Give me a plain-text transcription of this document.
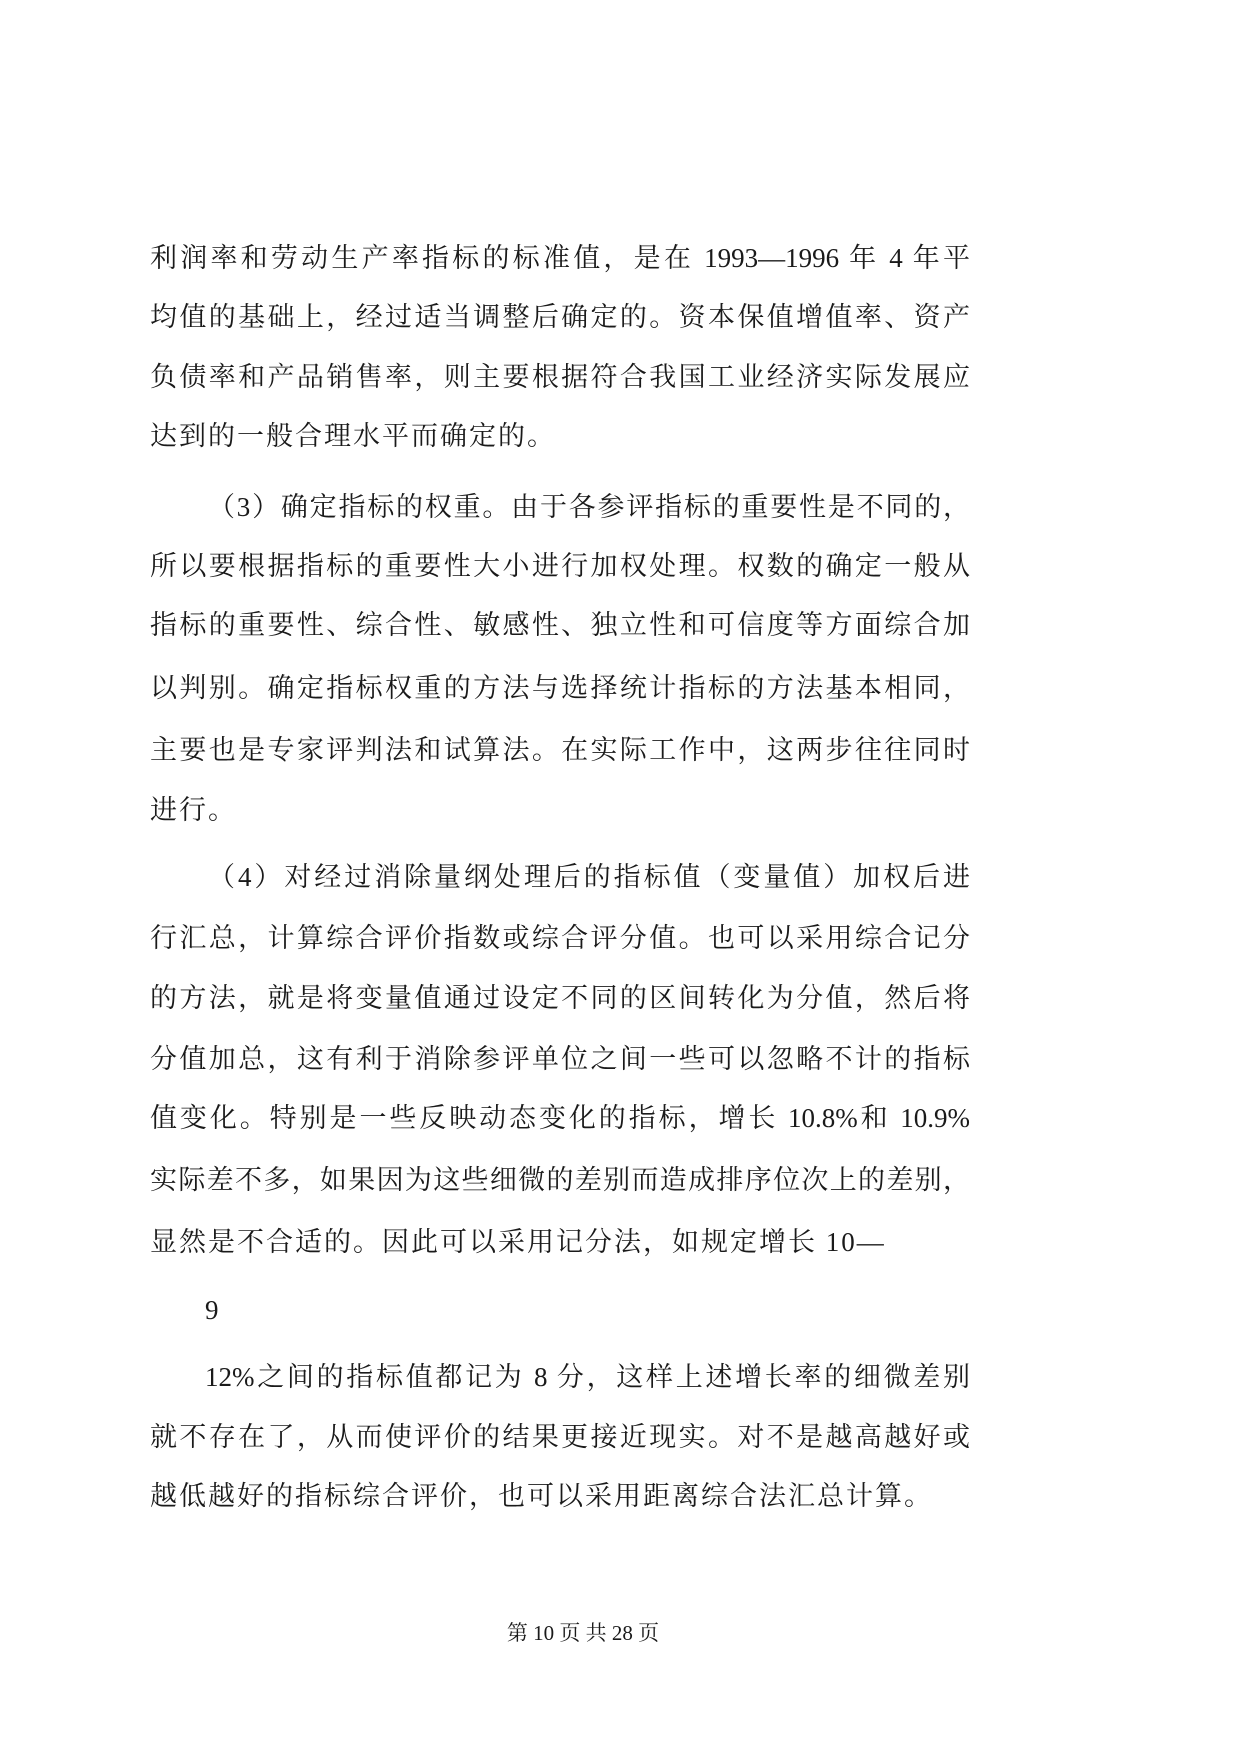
利润率和劳动生产率指标的标准值，是在 1993—1996 年 4 年平
均值的基础上，经过适当调整后确定的。资本保值增值率、资产
负债率和产品销售率，则主要根据符合我国工业经济实际发展应
达到的一般合理水平而确定的。
（3）确定指标的权重。由于各参评指标的重要性是不同的，
所以要根据指标的重要性大小进行加权处理。权数的确定一般从
指标的重要性、综合性、敏感性、独立性和可信度等方面综合加
以判别。确定指标权重的方法与选择统计指标的方法基本相同，
主要也是专家评判法和试算法。在实际工作中，这两步往往同时
进行。
（4）对经过消除量纲处理后的指标值（变量值）加权后进
行汇总，计算综合评价指数或综合评分值。也可以采用综合记分
的方法，就是将变量值通过设定不同的区间转化为分值，然后将
分值加总，这有利于消除参评单位之间一些可以忽略不计的指标
值变化。特别是一些反映动态变化的指标，增长 10.8%和 10.9%
实际差不多，如果因为这些细微的差别而造成排序位次上的差别，
显然是不合适的。因此可以采用记分法，如规定增长 10—
9
12%之间的指标值都记为 8 分，这样上述增长率的细微差别
就不存在了，从而使评价的结果更接近现实。对不是越高越好或
越低越好的指标综合评价，也可以采用距离综合法汇总计算。
第 10 页 共 28 页
